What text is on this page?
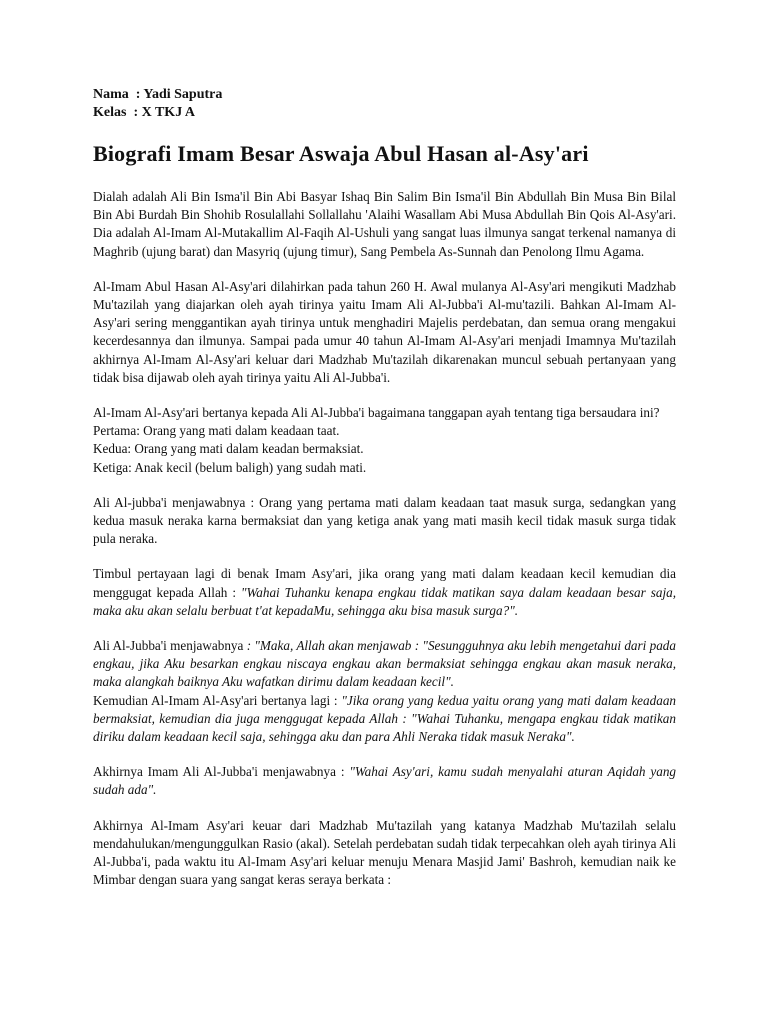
Nama  : Yadi Saputra
Kelas  : X TKJ A
Biografi Imam Besar Aswaja Abul Hasan al-Asy'ari

Dialah adalah Ali Bin Isma'il Bin Abi Basyar Ishaq Bin Salim Bin Isma'il Bin Abdullah Bin Musa Bin Bilal Bin Abi Burdah Bin Shohib Rosulallahi Sollallahu 'Alaihi Wasallam Abi Musa Abdullah Bin Qois Al-Asy'ari. Dia adalah Al-Imam Al-Mutakallim Al-Faqih Al-Ushuli yang sangat luas ilmunya sangat terkenal namanya di Maghrib (ujung barat) dan Masyriq (ujung timur), Sang Pembela As-Sunnah dan Penolong Ilmu Agama.

Al-Imam Abul Hasan Al-Asy'ari dilahirkan pada tahun 260 H. Awal mulanya Al-Asy'ari mengikuti Madzhab Mu'tazilah yang diajarkan oleh ayah tirinya yaitu Imam Ali Al-Jubba'i Al-mu'tazili. Bahkan Al-Imam Al-Asy'ari sering menggantikan ayah tirinya untuk menghadiri Majelis perdebatan, dan semua orang mengakui kecerdesannya dan ilmunya. Sampai pada umur 40 tahun Al-Imam Al-Asy'ari menjadi Imamnya Mu'tazilah akhirnya Al-Imam Al-Asy'ari keluar dari Madzhab Mu'tazilah dikarenakan muncul sebuah pertanyaan yang tidak bisa dijawab oleh ayah tirinya yaitu Ali Al-Jubba'i.

Al-Imam Al-Asy'ari bertanya kepada Ali Al-Jubba'i bagaimana tanggapan ayah tentang tiga bersaudara ini?
Pertama: Orang yang mati dalam keadaan taat.
Kedua: Orang yang mati dalam keadan bermaksiat.
Ketiga: Anak kecil (belum baligh) yang sudah mati.

Ali Al-jubba'i menjawabnya : Orang yang pertama mati dalam keadaan taat masuk surga, sedangkan yang kedua masuk neraka karna bermaksiat dan yang ketiga anak yang mati masih kecil tidak masuk surga tidak pula neraka.

Timbul pertayaan lagi di benak Imam Asy'ari, jika orang yang mati dalam keadaan kecil kemudian dia menggugat kepada Allah : "Wahai Tuhanku kenapa engkau tidak matikan saya dalam keadaan besar saja, maka aku akan selalu berbuat t'at kepadaMu, sehingga aku bisa masuk surga?".

Ali Al-Jubba'i menjawabnya : "Maka, Allah akan menjawab : "Sesungguhnya aku lebih mengetahui dari pada engkau, jika Aku besarkan engkau niscaya engkau akan bermaksiat sehingga engkau akan masuk neraka, maka alangkah baiknya Aku wafatkan dirimu dalam keadaan kecil".

Kemudian Al-Imam Al-Asy'ari bertanya lagi : "Jika orang yang kedua yaitu orang yang mati dalam keadaan bermaksiat, kemudian dia juga menggugat kepada Allah : "Wahai Tuhanku, mengapa engkau tidak matikan diriku dalam keadaan kecil saja, sehingga aku dan para Ahli Neraka tidak masuk Neraka".

Akhirnya Imam Ali Al-Jubba'i menjawabnya : "Wahai Asy'ari, kamu sudah menyalahi aturan Aqidah yang sudah ada".

Akhirnya Al-Imam Asy'ari keuar dari Madzhab Mu'tazilah yang katanya Madzhab Mu'tazilah selalu mendahulukan/mengunggulkan Rasio (akal). Setelah perdebatan sudah tidak terpecahkan oleh ayah tirinya Ali Al-Jubba'i, pada waktu itu Al-Imam Asy'ari keluar menuju Menara Masjid Jami' Bashroh, kemudian naik ke Mimbar dengan suara yang sangat keras seraya berkata :
